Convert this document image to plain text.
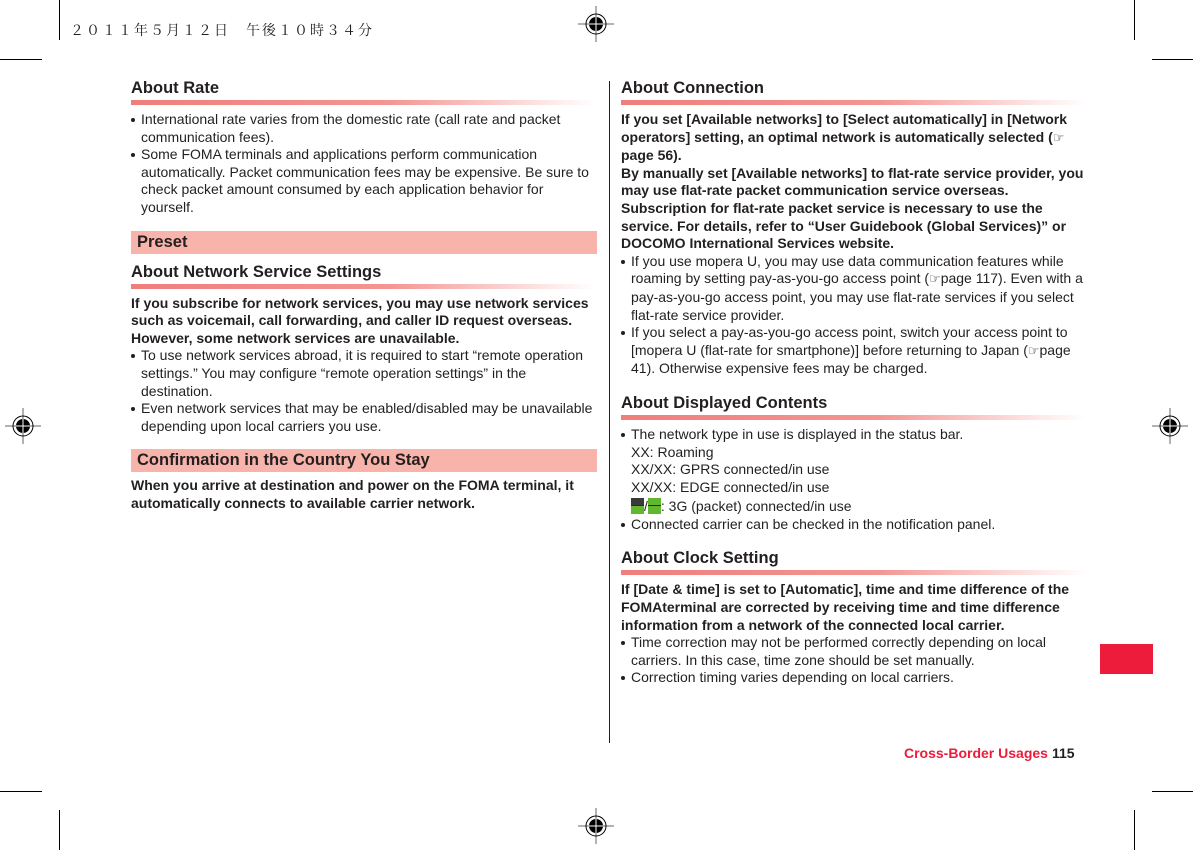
２０１１年５月１２日　午後１０時３４分
About Rate
International rate varies from the domestic rate (call rate and packet communication fees).
Some FOMA terminals and applications perform communication automatically. Packet communication fees may be expensive. Be sure to check packet amount consumed by each application behavior for yourself.
Preset
About Network Service Settings

If you subscribe for network services, you may use network services such as voicemail, call forwarding, and caller ID request overseas. However, some network services are unavailable.

To use network services abroad, it is required to start “remote operation settings.” You may configure “remote operation settings” in the destination.
Even network services that may be enabled/disabled may be unavailable depending upon local carriers you use.
Confirmation in the Country You Stay

When you arrive at destination and power on the FOMA terminal, it automatically connects to available carrier network.

About Connection

If you set [Available networks] to [Select automatically] in [Network operators] setting, an optimal network is automatically selected (☞ page 56).
By manually set [Available networks] to flat-rate service provider, you may use flat-rate packet communication service overseas. Subscription for flat-rate packet service is necessary to use the service. For details, refer to “User Guidebook (Global Services)” or DOCOMO International Services website.

If you use mopera U, you may use data communication features while roaming by setting pay-as-you-go access point (☞page 117). Even with a pay-as-you-go access point, you may use flat-rate services if you select flat-rate service provider.
If you select a pay-as-you-go access point, switch your access point to [mopera U (flat-rate for smartphone)] before returning to Japan (☞page 41). Otherwise expensive fees may be charged.
About Displayed Contents
The network type in use is displayed in the status bar.
XX: Roaming
XX/XX: GPRS connected/in use
XX/XX: EDGE connected/in use
/ : 3G (packet) connected/in use
Connected carrier can be checked in the notification panel.
About Clock Setting

If [Date & time] is set to [Automatic], time and time difference of the FOMAterminal are corrected by receiving time and time difference information from a network of the connected local carrier.

Time correction may not be performed correctly depending on local carriers. In this case, time zone should be set manually.
Correction timing varies depending on local carriers.
Cross-Border Usages 115
